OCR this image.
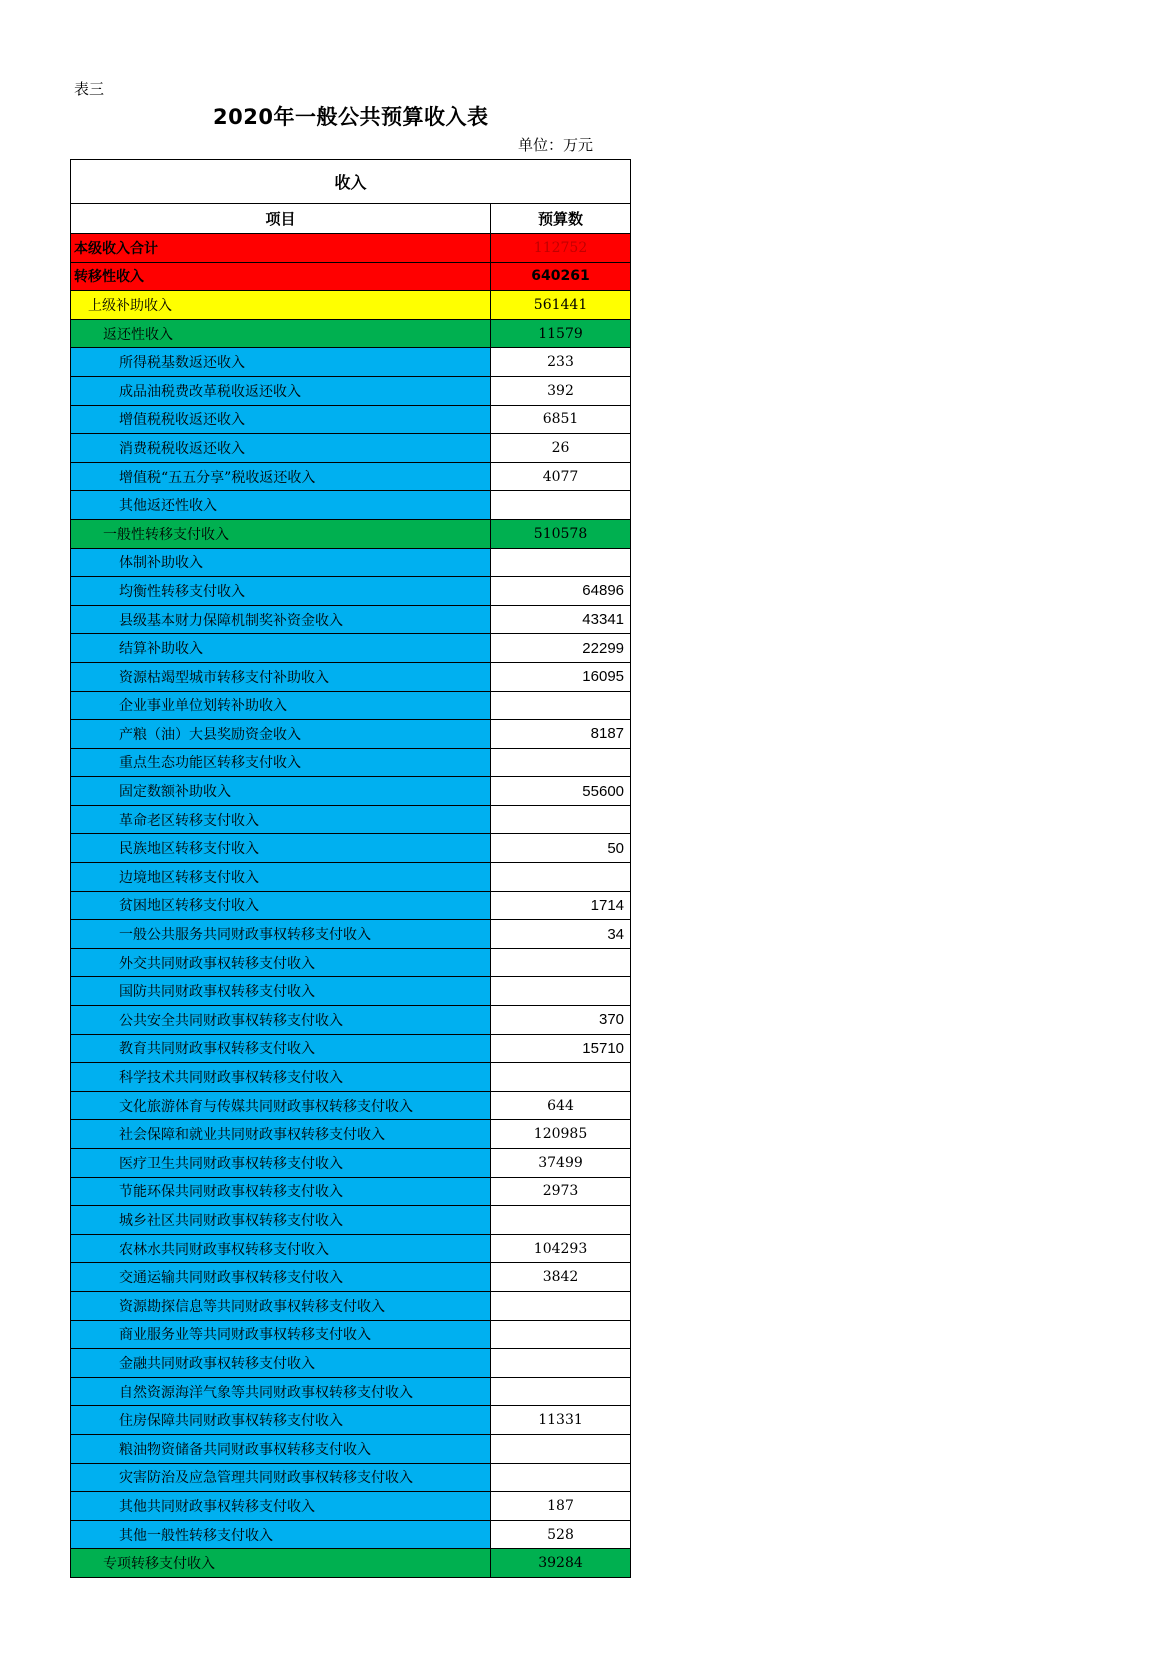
表三
2020年一般公共预算收入表
单位：万元
收入	
项目	预算数
本级收入合计	112752
转移性收入	640261
上级补助收入	561441
返还性收入	11579
所得税基数返还收入	233
成品油税费改革税收返还收入	392
增值税税收返还收入	6851
消费税税收返还收入	26
增值税“五五分享”税收返还收入	4077
其他返还性收入	
一般性转移支付收入	510578
体制补助收入	
均衡性转移支付收入	64896
县级基本财力保障机制奖补资金收入	43341
结算补助收入	22299
资源枯竭型城市转移支付补助收入	16095
企业事业单位划转补助收入	
产粮（油）大县奖励资金收入	8187
重点生态功能区转移支付收入	
固定数额补助收入	55600
革命老区转移支付收入	
民族地区转移支付收入	50
边境地区转移支付收入	
贫困地区转移支付收入	1714
一般公共服务共同财政事权转移支付收入	34
外交共同财政事权转移支付收入	
国防共同财政事权转移支付收入	
公共安全共同财政事权转移支付收入	370
教育共同财政事权转移支付收入	15710
科学技术共同财政事权转移支付收入	
文化旅游体育与传媒共同财政事权转移支付收入	644
社会保障和就业共同财政事权转移支付收入	120985
医疗卫生共同财政事权转移支付收入	37499
节能环保共同财政事权转移支付收入	2973
城乡社区共同财政事权转移支付收入	
农林水共同财政事权转移支付收入	104293
交通运输共同财政事权转移支付收入	3842
资源勘探信息等共同财政事权转移支付收入	
商业服务业等共同财政事权转移支付收入	
金融共同财政事权转移支付收入	
自然资源海洋气象等共同财政事权转移支付收入	
住房保障共同财政事权转移支付收入	11331
粮油物资储备共同财政事权转移支付收入	
灾害防治及应急管理共同财政事权转移支付收入	
其他共同财政事权转移支付收入	187
其他一般性转移支付收入	528
专项转移支付收入	39284
